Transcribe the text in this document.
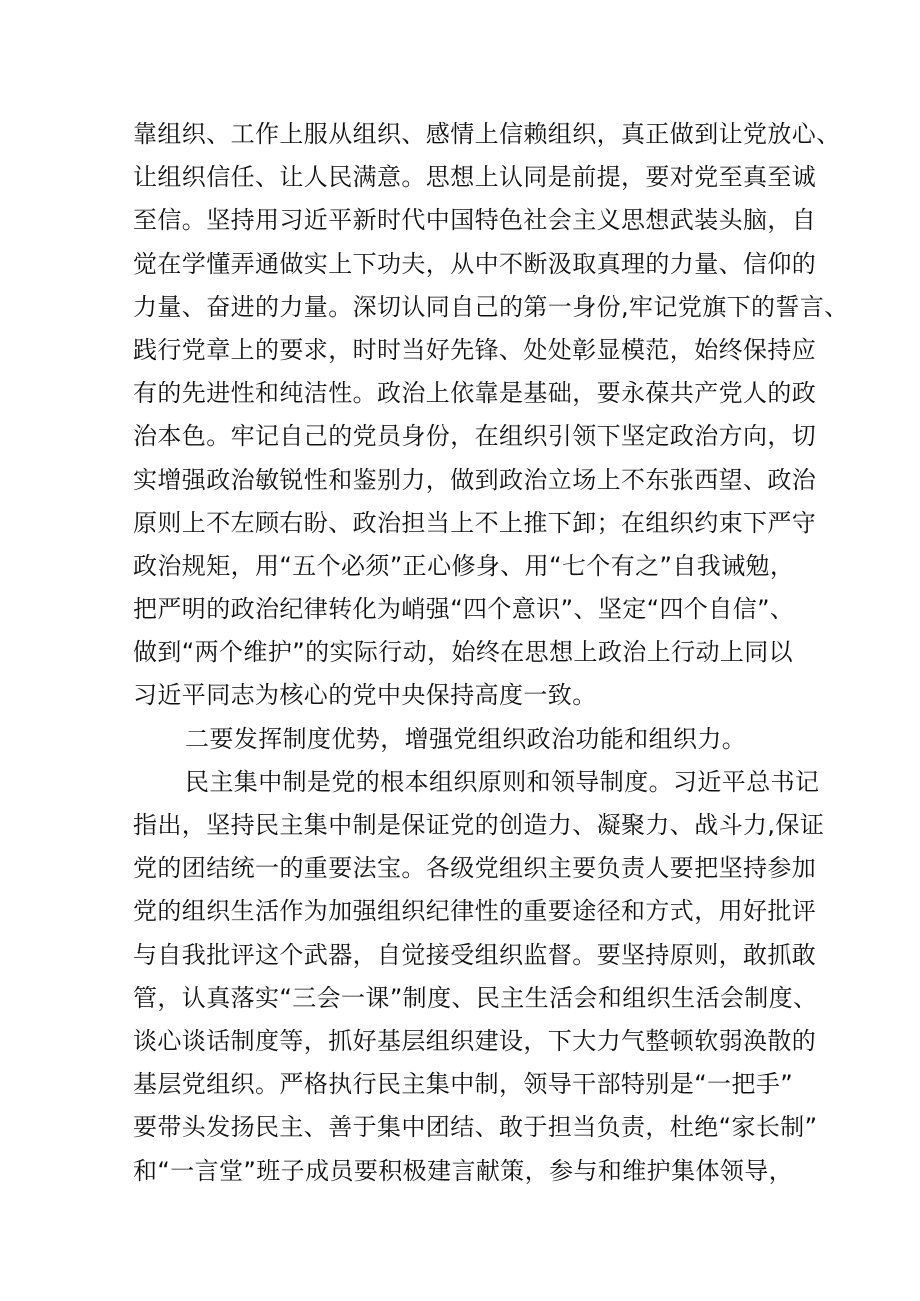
靠组织、工作上服从组织、感情上信赖组织，真正做到让党放心、
让组织信任、让人民满意。思想上认同是前提，要对党至真至诚
至信。坚持用习近平新时代中国特色社会主义思想武装头脑，自
觉在学懂弄通做实上下功夫，从中不断汲取真理的力量、信仰的
力量、奋进的力量。深切认同自己的第一身份,牢记党旗下的誓言、
践行党章上的要求，时时当好先锋、处处彰显模范，始终保持应
有的先进性和纯洁性。政治上依靠是基础，要永葆共产党人的政
治本色。牢记自己的党员身份，在组织引领下坚定政治方向，切
实增强政治敏锐性和鉴别力，做到政治立场上不东张西望、政治
原则上不左顾右盼、政治担当上不上推下卸；在组织约束下严守
政治规矩，用“五个必须”正心修身、用“七个有之”自我诫勉，
把严明的政治纪律转化为峭强“四个意识”、坚定“四个自信”、
做到“两个维护”的实际行动，始终在思想上政治上行动上同以
习近平同志为核心的党中央保持高度一致。
二要发挥制度优势，增强党组织政治功能和组织力。
民主集中制是党的根本组织原则和领导制度。习近平总书记
指出，坚持民主集中制是保证党的创造力、凝聚力、战斗力,保证
党的团结统一的重要法宝。各级党组织主要负责人要把坚持参加
党的组织生活作为加强组织纪律性的重要途径和方式，用好批评
与自我批评这个武器，自觉接受组织监督。要坚持原则，敢抓敢
管，认真落实“三会一课”制度、民主生活会和组织生活会制度、
谈心谈话制度等，抓好基层组织建设，下大力气整顿软弱涣散的
基层党组织。严格执行民主集中制，领导干部特别是“一把手”
要带头发扬民主、善于集中团结、敢于担当负责，杜绝“家长制”
和“一言堂”班子成员要积极建言献策，参与和维护集体领导，
